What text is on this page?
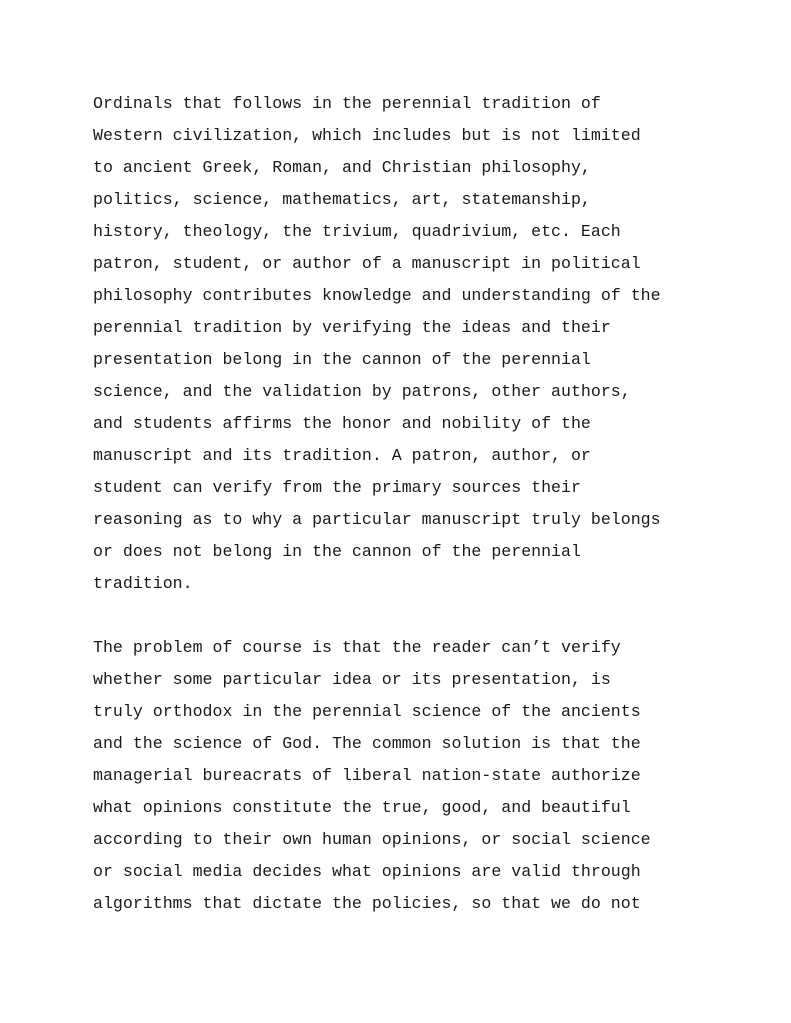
Ordinals that follows in the perennial tradition of
Western civilization, which includes but is not limited
to ancient Greek, Roman, and Christian philosophy,
politics, science, mathematics, art, statemanship,
history, theology, the trivium, quadrivium, etc. Each
patron, student, or author of a manuscript in political
philosophy contributes knowledge and understanding of the
perennial tradition by verifying the ideas and their
presentation belong in the cannon of the perennial
science, and the validation by patrons, other authors,
and students affirms the honor and nobility of the
manuscript and its tradition. A patron, author, or
student can verify from the primary sources their
reasoning as to why a particular manuscript truly belongs
or does not belong in the cannon of the perennial
tradition.
The problem of course is that the reader can’t verify
whether some particular idea or its presentation, is
truly orthodox in the perennial science of the ancients
and the science of God. The common solution is that the
managerial bureacrats of liberal nation-state authorize
what opinions constitute the true, good, and beautiful
according to their own human opinions, or social science
or social media decides what opinions are valid through
algorithms that dictate the policies, so that we do not
